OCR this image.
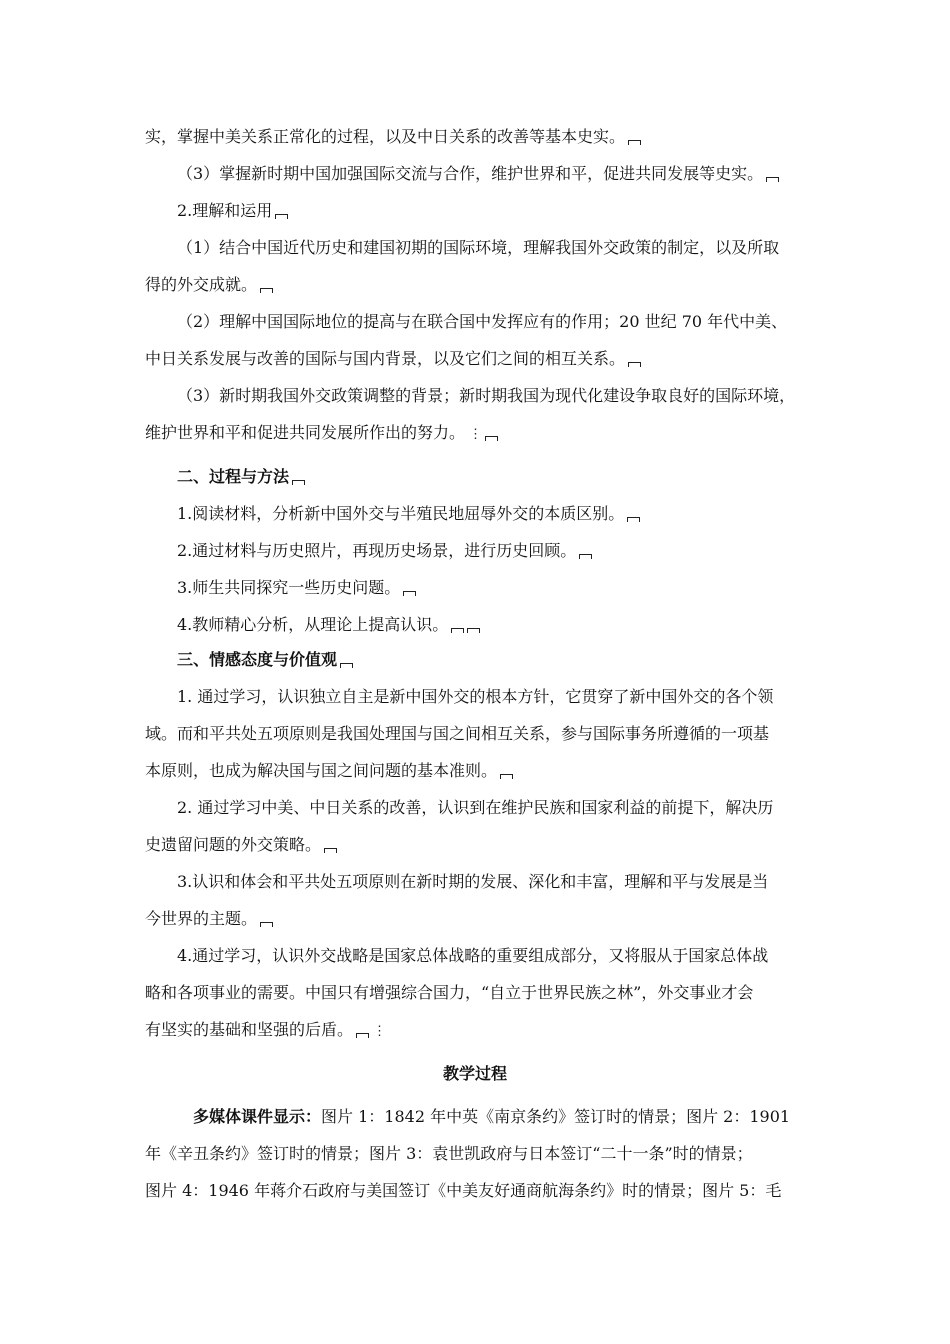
实，掌握中美关系正常化的过程，以及中日关系的改善等基本史实。
（3）掌握新时期中国加强国际交流与合作，维护世界和平，促进共同发展等史实。
2.理解和运用
（1）结合中国近代历史和建国初期的国际环境，理解我国外交政策的制定，以及所取
得的外交成就。
（2）理解中国国际地位的提高与在联合国中发挥应有的作用；20 世纪 70 年代中美、
中日关系发展与改善的国际与国内背景，以及它们之间的相互关系。
（3）新时期我国外交政策调整的背景；新时期我国为现代化建设争取良好的国际环境，
维护世界和平和促进共同发展所作出的努力。 ⋮
二、过程与方法
1.阅读材料，分析新中国外交与半殖民地屈辱外交的本质区别。
2.通过材料与历史照片，再现历史场景，进行历史回顾。
3.师生共同探究一些历史问题。
4.教师精心分析，从理论上提高认识。
三、情感态度与价值观
1. 通过学习，认识独立自主是新中国外交的根本方针，它贯穿了新中国外交的各个领
域。而和平共处五项原则是我国处理国与国之间相互关系，参与国际事务所遵循的一项基
本原则，也成为解决国与国之间问题的基本准则。
2. 通过学习中美、中日关系的改善，认识到在维护民族和国家利益的前提下，解决历
史遗留问题的外交策略。
3.认识和体会和平共处五项原则在新时期的发展、深化和丰富，理解和平与发展是当
今世界的主题。
4.通过学习，认识外交战略是国家总体战略的重要组成部分，又将服从于国家总体战
略和各项事业的需要。中国只有增强综合国力，“自立于世界民族之林”，外交事业才会
有坚实的基础和坚强的后盾。 ⋮
教学过程
多媒体课件显示：图片 1：1842 年中英《南京条约》签订时的情景；图片 2：1901
年《辛丑条约》签订时的情景；图片 3：袁世凯政府与日本签订“二十一条”时的情景；
图片 4：1946 年蒋介石政府与美国签订《中美友好通商航海条约》时的情景；图片 5：毛
